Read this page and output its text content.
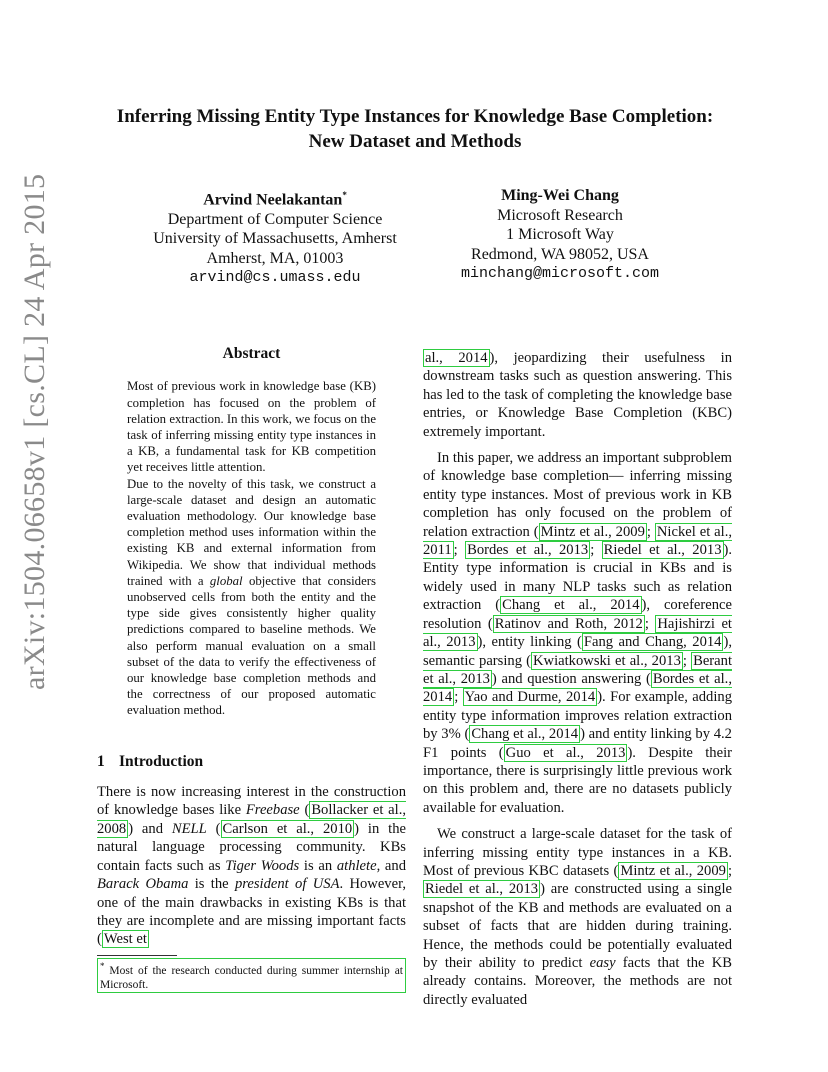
arXiv:1504.06658v1 [cs.CL] 24 Apr 2015
Inferring Missing Entity Type Instances for Knowledge Base Completion:
New Dataset and Methods
Arvind Neelakantan*
Department of Computer Science
University of Massachusetts, Amherst
Amherst, MA, 01003
arvind@cs.umass.edu
Ming-Wei Chang
Microsoft Research
1 Microsoft Way
Redmond, WA 98052, USA
minchang@microsoft.com
Abstract

Most of previous work in knowledge base (KB) completion has focused on the problem of relation extraction. In this work, we focus on the task of inferring missing entity type instances in a KB, a fundamental task for KB competition yet receives little attention.

Due to the novelty of this task, we construct a large-scale dataset and design an automatic evaluation methodology. Our knowledge base completion method uses information within the existing KB and external information from Wikipedia. We show that individual methods trained with a global objective that considers unobserved cells from both the entity and the type side gives consistently higher quality predictions compared to baseline methods. We also perform manual evaluation on a small subset of the data to verify the effectiveness of our knowledge base completion methods and the correctness of our proposed automatic evaluation method.

1 Introduction

There is now increasing interest in the construction of knowledge bases like Freebase ( Bollacker et al., 2008 ) and NELL ( Carlson et al., 2010 ) in the natural language processing community. KBs contain facts such as Tiger Woods is an athlete, and Barack Obama is the president of USA. However, one of the main drawbacks in existing KBs is that they are incomplete and are missing important facts ( West et

* Most of the research conducted during summer internship at Microsoft.

al., 2014 ), jeopardizing their usefulness in downstream tasks such as question answering. This has led to the task of completing the knowledge base entries, or Knowledge Base Completion (KBC) extremely important.

In this paper, we address an important subproblem of knowledge base completion— inferring missing entity type instances. Most of previous work in KB completion has only focused on the problem of relation extraction ( Mintz et al., 2009 ; Nickel et al., 2011 ; Bordes et al., 2013 ; Riedel et al., 2013 ). Entity type information is crucial in KBs and is widely used in many NLP tasks such as relation extraction ( Chang et al., 2014 ), coreference resolution ( Ratinov and Roth, 2012 ; Hajishirzi et al., 2013 ), entity linking ( Fang and Chang, 2014 ), semantic parsing ( Kwiatkowski et al., 2013 ; Berant et al., 2013 ) and question answering ( Bordes et al., 2014 ; Yao and Durme, 2014 ). For example, adding entity type information improves relation extraction by 3% ( Chang et al., 2014 ) and entity linking by 4.2 F1 points ( Guo et al., 2013 ). Despite their importance, there is surprisingly little previous work on this problem and, there are no datasets publicly available for evaluation.

We construct a large-scale dataset for the task of inferring missing entity type instances in a KB. Most of previous KBC datasets ( Mintz et al., 2009 ; Riedel et al., 2013 ) are constructed using a single snapshot of the KB and methods are evaluated on a subset of facts that are hidden during training. Hence, the methods could be potentially evaluated by their ability to predict easy facts that the KB already contains. Moreover, the methods are not directly evaluated
